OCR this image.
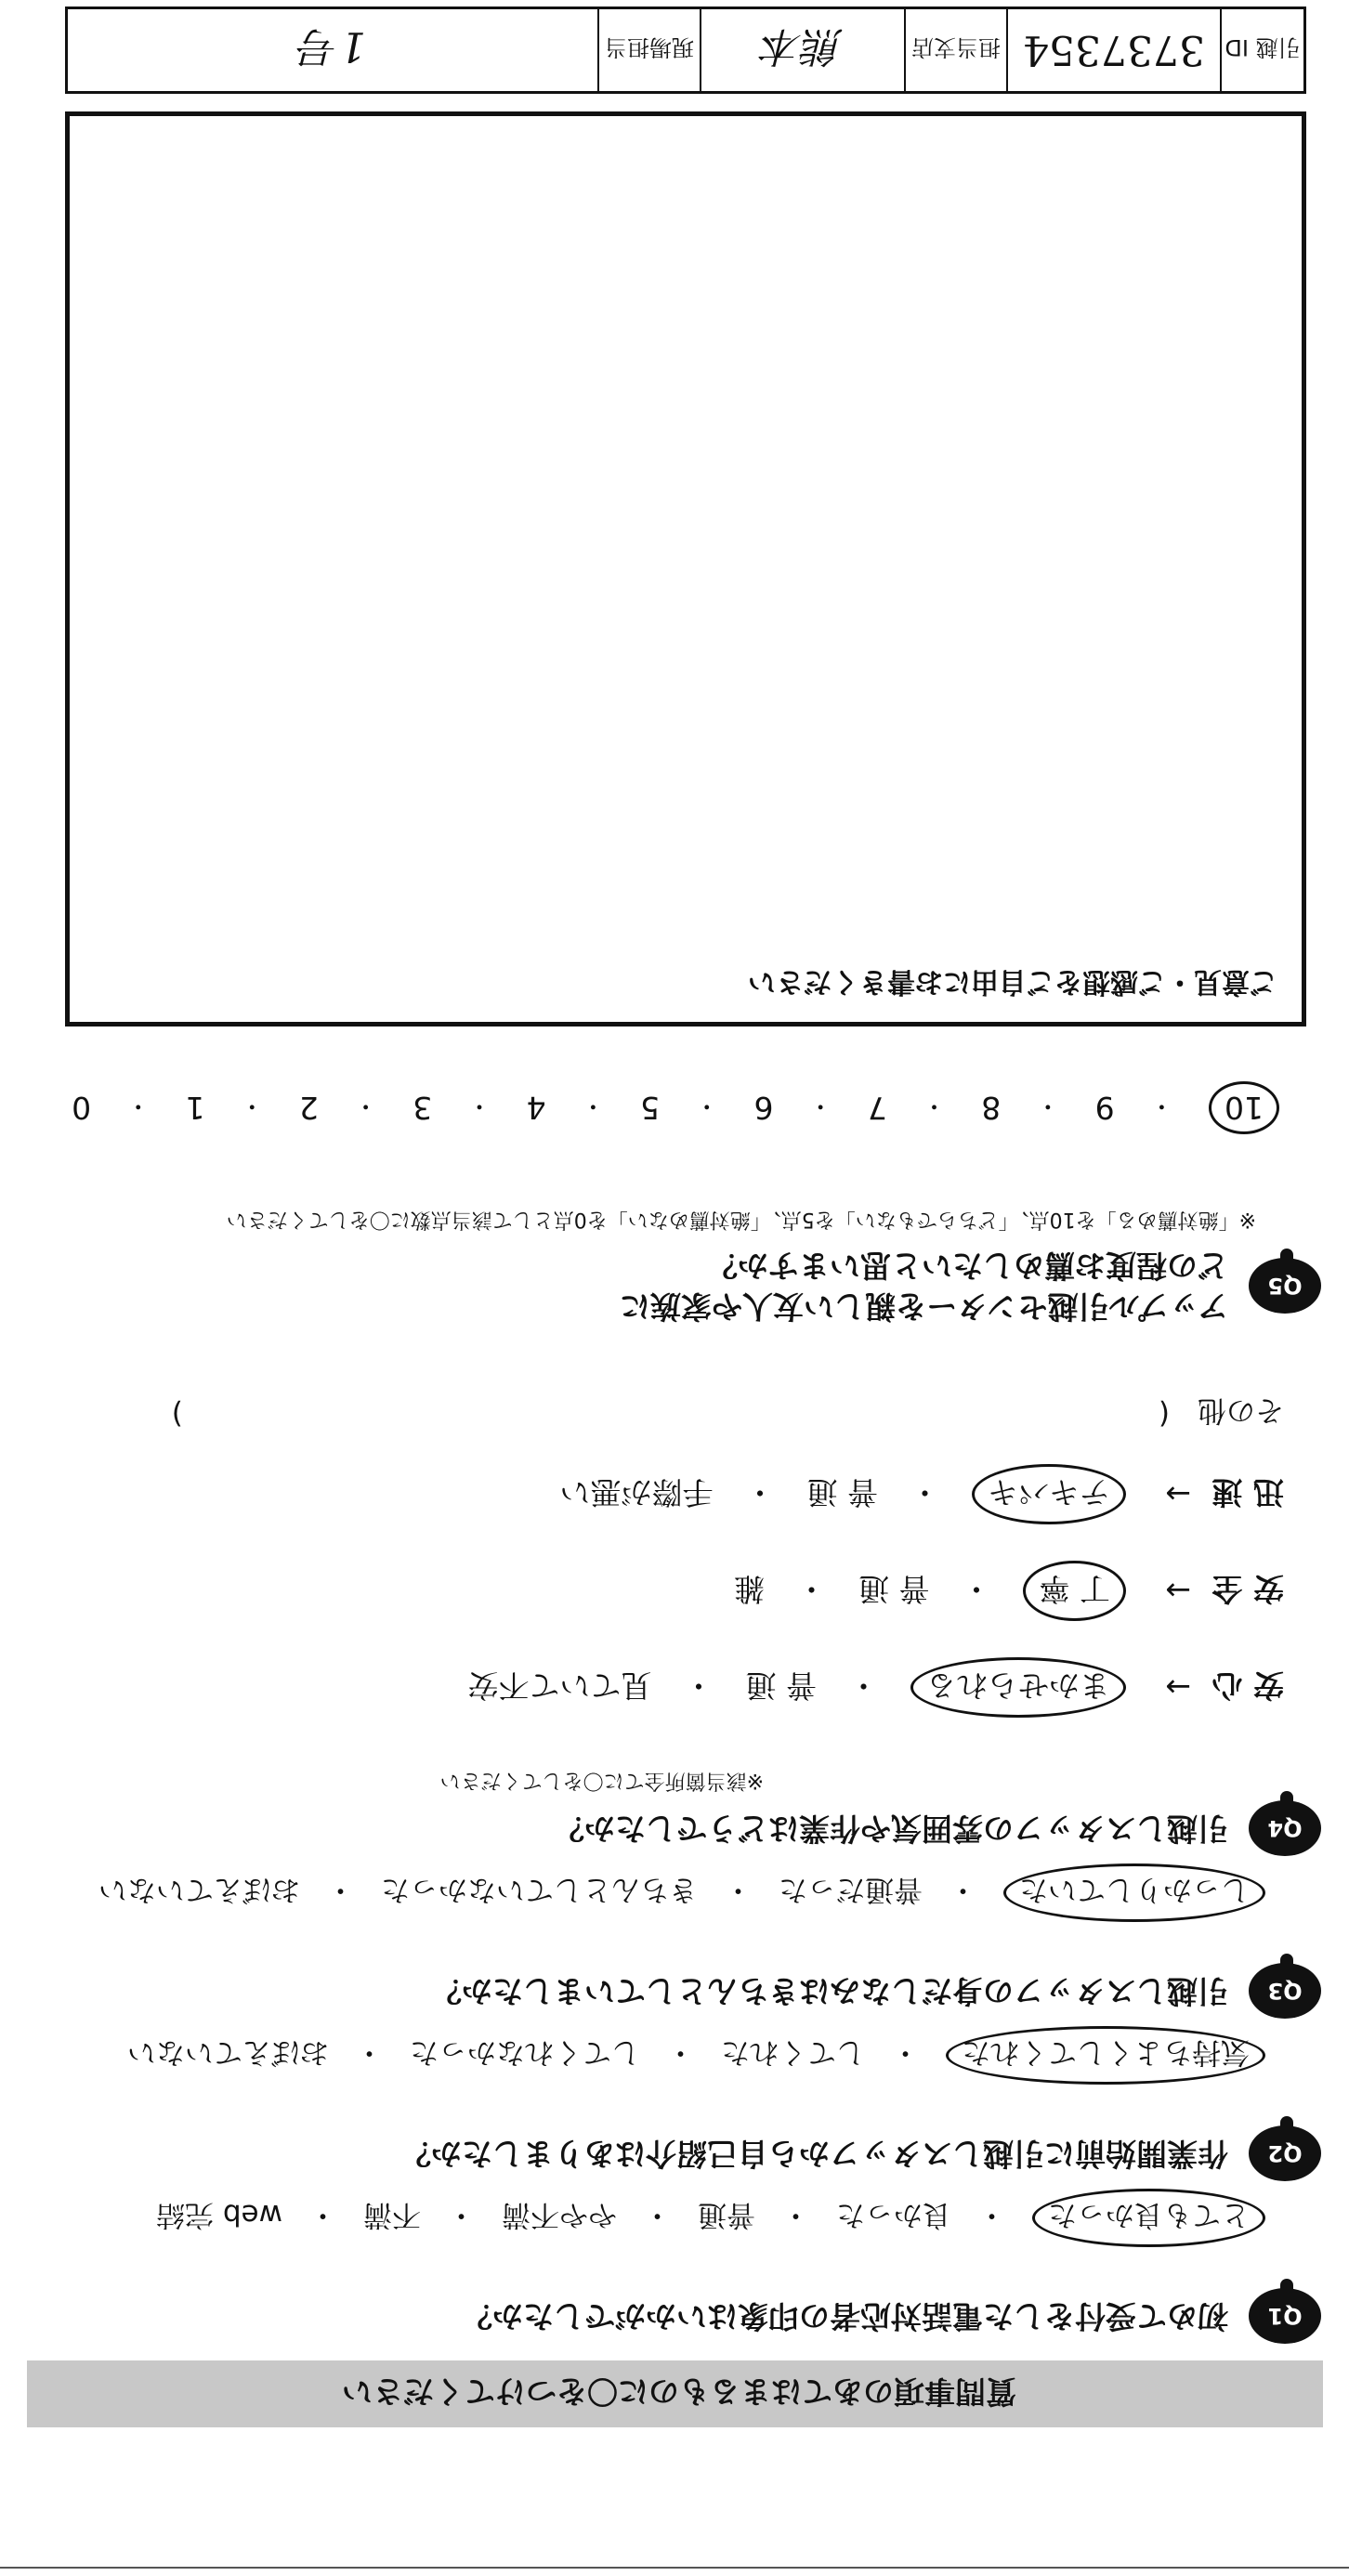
質問事項のあてはまるものに〇をつけてください
Q1
初めて受付をした電話対応者の印象はいかがでしたか？
とても良かった
・
良かった
・
普通
・
やや不満
・
不満
・
web 完結
Q2
作業開始前に引越しスタッフから自己紹介はありましたか？
気持ちよくしてくれた
・
してくれた
・
してくれなかった
・
おぼえていない
Q3
引越しスタッフの身だしなみはきちんとしていましたか？
しっかりしていた
・
普通だった
・
きちんとしていなかった
・
おぼえていない
Q4
引越しスタッフの雰囲気や作業はどうでしたか？
※該当箇所全てに〇をしてください
安 心
→
まかせられる
・
普 通
・
見ていて不安
安 全
→
丁 寧
・
普 通
・
雑
迅 速
→
テキパキ
・
普 通
・
手際が悪い
その他
(
)
Q5
アップル引越センターを親しい友人や家族に
どの程度お薦めしたいと思いますか？
※「絶対薦める」を10点、「どちらでもない」を5点、「絶対薦めない」を0点として該当点数に〇をしてください
10
・
9
・
8
・
7
・
6
・
5
・
4
・
3
・
2
・
1
・
0
ご意見・ご感想をご自由にお書きください
引越 ID
3737354
担当支店
熊本
現場担当
1号
